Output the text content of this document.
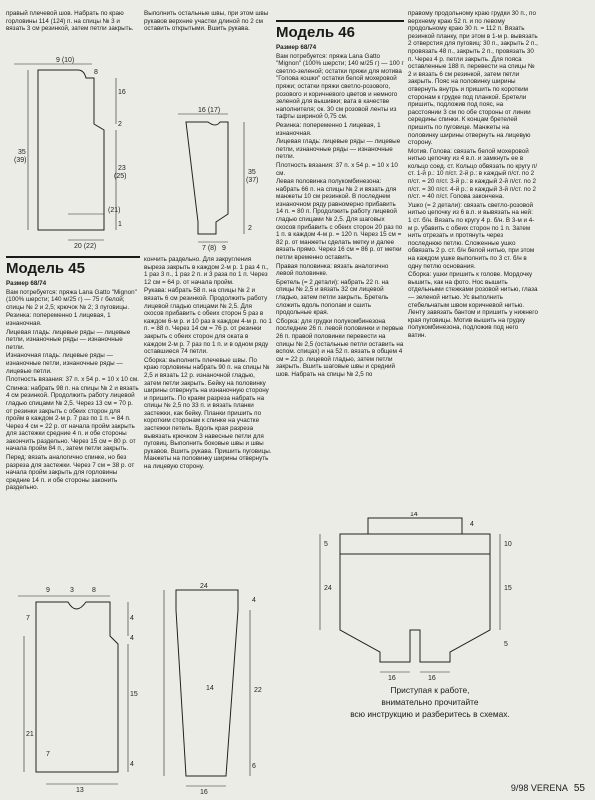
правый плечевой шов. Набрать по краю горловины 114 (124) п. на спицы № 3 и вязать 3 см резинкой, затем петли закрыть.

Выполнить остальные швы, при этом швы рукавов верхние участки длиной по 2 см оставить открытыми. Вшить рукава.	Модель 46

Размер 68/74

Вам потребуется: пряжа Lana Gatto "Mignon" (100% шерсти; 140 м/25 г) — 100 г светло-зеленой; остатки пряжи для мотива "Голова кошки" остатки белой мохеровой пряжи; остатки пряжи светло-розового, розового и коричневого цветов и немного зеленой для вышивки; вата в качестве наполнителя; ок. 30 см розовой ленты из тафты шириной 0,75 см.

Резинка: попеременно 1 лицевая, 1 изнаночная.

Лицевая гладь: лицевые ряды — лицевые петли, изнаночные ряды — изнаночные петли.

Плотность вязания: 37 п. x 54 р. = 10 x 10 см.

Левая половинка полукомбинезона: набрать 66 п. на спицы № 2 и вязать для манжеты 10 см резинкой. В последнем изнаночном ряду равномерно прибавить 14 п. = 80 п. Продолжить работу лицевой гладью спицами № 2,5. Для шаговых скосов прибавить с обеих сторон 20 раз по 1 п. в каждом 4-м р. = 120 п. Через 15 см = 82 р. от манжеты сделать метку и далее вязать прямо. Через 16 см = 86 р. от метки петли временно оставить.

Правая половинка: вязать аналогично левой половинке.

Бретель (= 2 детали): набрать 22 п. на спицы № 2,5 и вязать 32 см лицевой гладью, затем петли закрыть. Бретель сложить вдоль пополам и сшить продольные края.

Сборка: для грудки полукомбинезона последние 26 п. левой половинки и первые 26 п. правой половинки перевести на спицы № 2,5 (остальные петли оставить на вспом. спицах) и на 52 п. вязать в общем 4 см = 22 р. лицевой гладью, затем петли закрыть. Вшить шаговые швы и средний шов. Набрать на спицы № 2,5 по

правому продольному краю грудки 30 п., по верхнему краю 52 п. и по левому продольному краю 30 п. = 112 п. Вязать резинкой планку, при этом в 1-м р. вывязать 2 отверстия для пуговиц: 30 п., закрыть 2 п., провязать 48 п., закрыть 2 п., провязать 30 п. Через 4 р. петли закрыть. Для пояса оставленные 188 п. перевести на спицы № 2 и вязать 6 см резинкой, затем петли закрыть. Пояс на половинку ширины отвернуть внутрь и пришить по коротким сторонам к грудке под планкой. Бретели пришить, подложив под пояс, на расстоянии 3 см по обе стороны от линии середины спинки. К концам бретелей пришить по пуговице. Манжеты на половинку ширины отвернуть на лицевую сторону.

Мотив. Голова: связать белой мохеровой нитью цепочку из 4 в.п. и замкнуть ее в кольцо соед. ст. Кольцо обвязать по кругу п/ст. 1-й р.: 10 п/ст. 2-й р.: в каждый п/ст. по 2 п/ст. = 20 п/ст. 3-й р.: в каждый 2-й п/ст. по 2 п/ст. = 30 п/ст. 4-й р.: в каждый 3-й п/ст. по 2 п/ст. = 40 п/ст. Голова закончена.

Ушко (= 2 детали): связать светло-розовой нитью цепочку из 6 в.п. и вывязать на ней: 1 ст. б/н. Вязать по кругу 4 р. б/н. В 3-м и 4-м р. убавить с обеих сторон по 1 п. Затем нить отрезать и протянуть через последнюю петлю. Сложенные ушко обвязать 2 р. ст. б/н белой нитью, при этом на каждом ушке выполнить по 3 ст. б/н в одну петлю основания.

Сборка: ушки пришить к голове. Мордочку вышить, как на фото. Нос вышить отдельными стежками розовой нитью, глаза — зеленой нитью. Ус выполнить стебельчатым швом коричневой нитью. Ленту завязать бантом и пришить у нижнего края пуговицы. Мотив вышить на грудку полукомбинезона, подложив под него ватин.

Модель 45

Размер 68/74

Вам потребуется: пряжа Lana Gatto "Mignon" (100% шерсти; 140 м/25 г) — 75 г белой; спицы № 2 и 2,5; крючок № 2; 3 пуговицы.

Резинка: попеременно 1 лицевая, 1 изнаночная.

Лицевая гладь: лицевые ряды — лицевые петли, изнаночные ряды — изнаночные петли.

Изнаночная гладь: лицевые ряды — изнаночные петли, изнаночные ряды — лицевые петли.

Плотность вязания: 37 п. x 54 р. = 10 x 10 см.

Спинка: набрать 98 п. на спицы № 2 и вязать 4 см резинкой. Продолжить работу лицевой гладью спицами № 2,5. Через 13 см = 70 р. от резинки закрыть с обеих сторон для пройм в каждом 2-м р. 7 раз по 1 п. = 84 п. Через 4 см = 22 р. от начала пройм закрыть для застежки средние 4 п. и обе стороны закончить раздельно. Через 15 см = 80 р. от начала пройм 84 п., затем петли закрыть.

Перед: вязать аналогично спинке, но без разреза для застежки. Через 7 см = 38 р. от начала пройм закрыть для горловины средние 14 п. и обе стороны законить раздельно.

кончить раздельно. Для закругления выреза закрыть в каждом 2-м р. 1 раз 4 п., 1 раз 3 п., 1 раз 2 п. и 3 раза по 1 п. Через 12 см = 64 р. от начала пройм.

Рукава: набрать 58 п. на спицы № 2 и вязать 6 см резинкой. Продолжить работу лицевой гладью спицами № 2,5. Для скосов прибавить с обеих сторон 5 раз в каждом 6-м р. и 10 раз в каждом 4-м р. по 1 п. = 88 п. Через 14 см = 76 р. от резинки закрыть с обеих сторон для оката в каждом 2-м р. 7 раз по 1 п. и в одном ряду оставшиеся 74 петли.

Сборка: выполнить плечевые швы. По краю горловины набрать 90 п. на спицы № 2,5 и вязать 12 р. изнаночной гладью, затем петли закрыть. Бейку на половинку ширины отвернуть на изнаночную сторону и пришить. По краям разреза набрать на спицы № 2,5 по 33 п. и вязать планки застежки, как бейку. Планки пришить по коротким сторонам к спинке на участке застежки петель. Вдоль края разреза вывязать крючком 3 навесные петли для пуговиц. Выполнить боковые швы и швы рукавов. Вшить рукава. Пришить пуговицы. Манжеты на половинку ширины отвернуть на лицевую сторону.

9 (10)
8
16
2
35
(39)
23
(25)
20 (22)
(21)
1
16 (17)
35
(37)
7 (8) 9
2
9	3	8
4
15
7
21
4
13
4
7
24
4
14	22
16
6
5
24
14
15
16
10
16
4
5
Приступая к работе,
внимательно прочитайте
всю инструкцию и разберитесь в схемах.
9/98 VERENA 55
